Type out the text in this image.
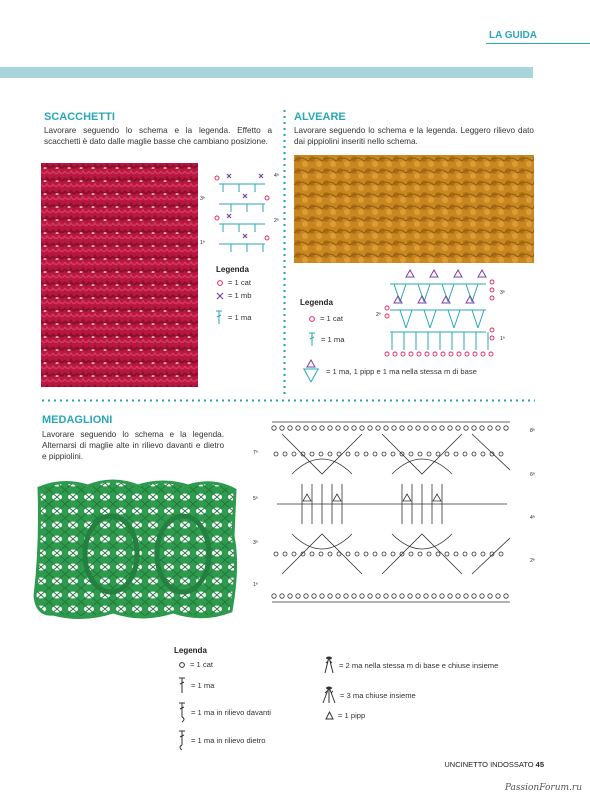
LA GUIDA
SCACCHETTI
Lavorare seguendo lo schema e la legenda. Effetto a scacchetti è dato dalle maglie basse che cambiano posizione.
4ª
3ª
2ª
1ª
Legenda
= 1 cat
= 1 mb
= 1 ma
ALVEARE
Lavorare seguendo lo schema e la legenda. Leggero rilievo dato dai pippiolini inseriti nello schema.
3ª
2ª
1ª
Legenda
= 1 cat
= 1 ma
= 1 ma, 1 pipp e 1 ma nella stessa m di base
MEDAGLIONI
Lavorare seguendo lo schema e la legenda. Alternarsi di maglie alte in rilievo davanti e dietro e pippiolini.
8ª
7ª
6ª
5ª
4ª
3ª
2ª
1ª
Legenda
= 1 cat
= 1 ma
= 1 ma in rilievo davanti
= 1 ma in rilievo dietro
= 2 ma nella stessa m di base e chiuse insieme
= 3 ma chiuse insieme
= 1 pipp
UNCINETTO INDOSSATO 45
PassionForum.ru
